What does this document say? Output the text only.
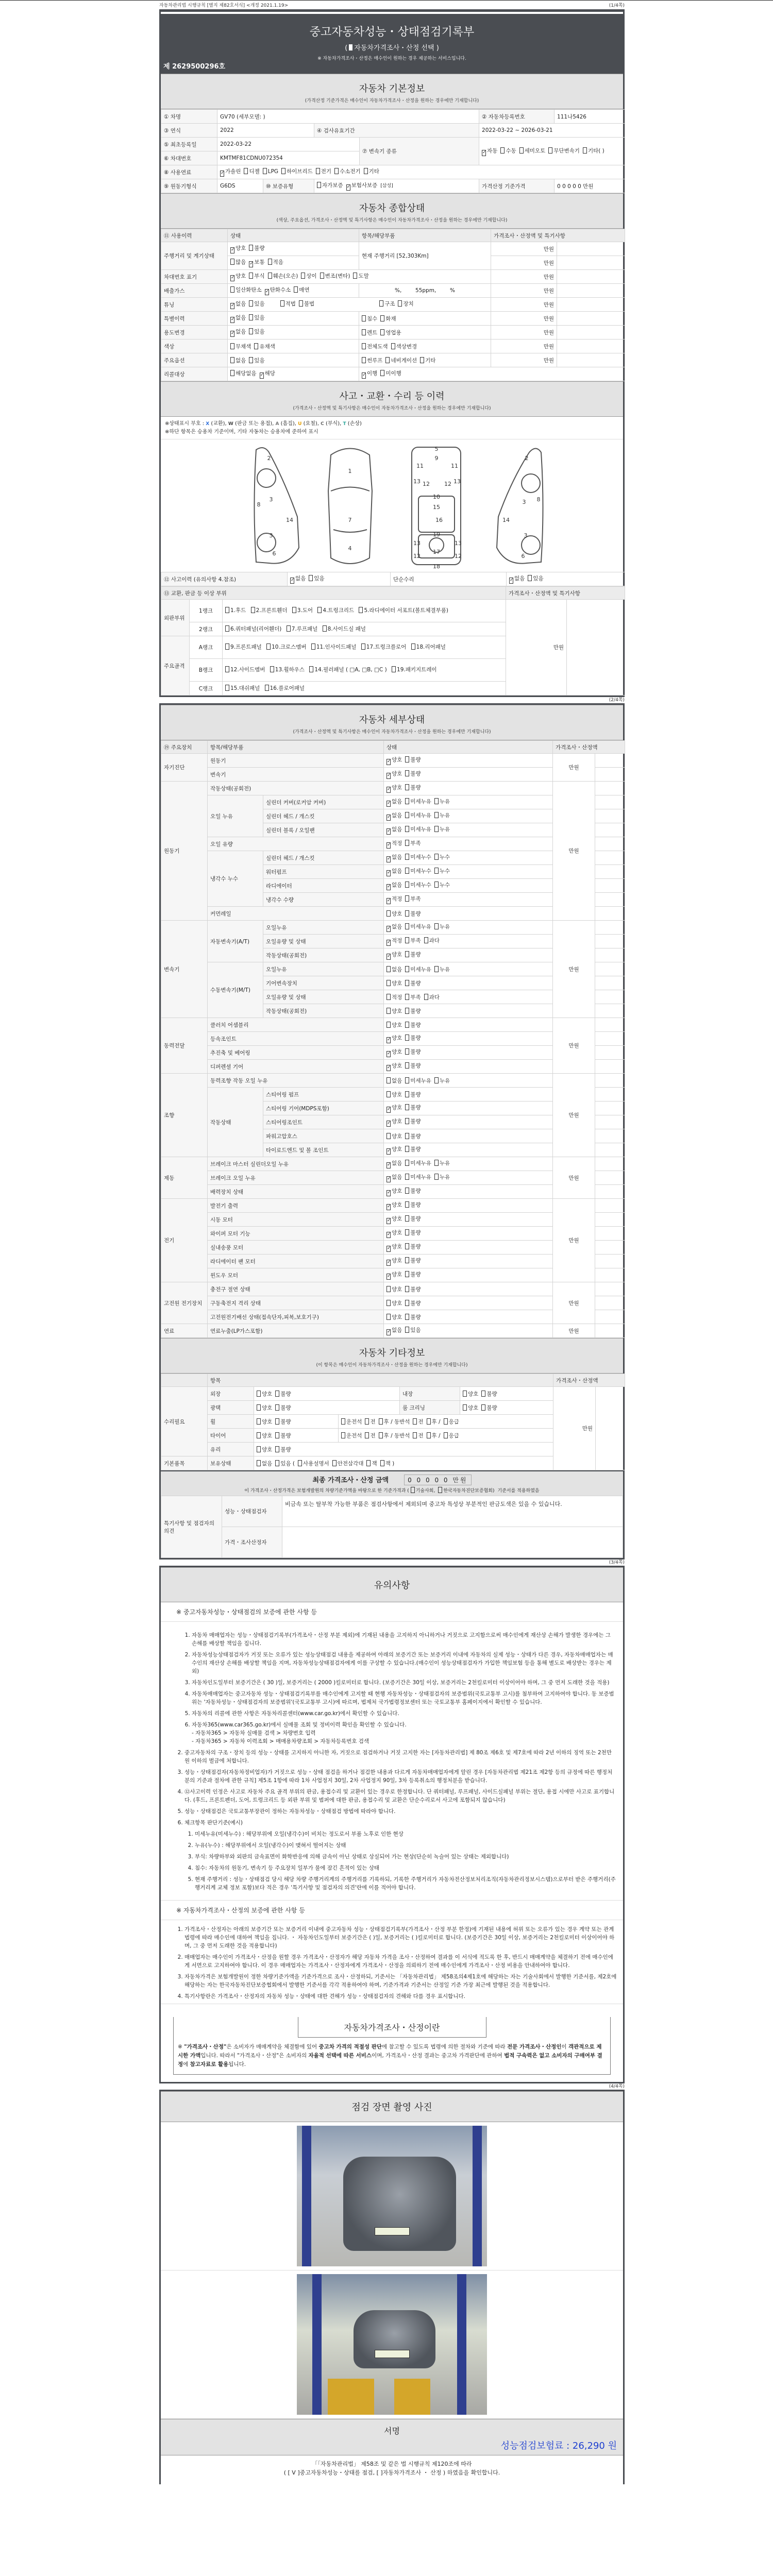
자동차관리법 시행규칙 [별지 제82호서식] <개정 2021.1.19>	(1/4쪽)
중고자동차성능・상태점검기록부
( 자동차가격조사・산정 선택 )
※ 자동차가격조사・산정은 매수인이 원하는 경우 제공하는 서비스입니다.
제 2629500296호
자동차 기본정보
(가격산정 기준가격은 매수인이 자동차가격조사・산정을 원하는 경우에만 기재합니다)
① 차명	GV70 (세부모델: )				② 자동차등록번호	111나5426
③ 연식	2022		④ 검사유효기간		2022-03-22 ~ 2026-03-21	
⑤ 최초등록일	2022-03-22			⑦ 변속기 종류	✓자동 수동 세미오토 무단변속기 기타( )
⑥ 차대번호	KMTMF81CDNU072354					
⑧ 사용연료	✓가솔린 디젤 LPG 하이브리드 전기 수소전기 기타
⑨ 원동기형식	G6DS	⑩ 보증유형	자가보증 ✓ 보험사보증 [삼성]		가격산정 기준가격	0 0 0 0 0 만원
자동차 종합상태
(색상, 주요옵션, 가격조사・산정액 및 특기사항은 매수인이 자동차가격조사・산정을 원하는 경우에만 기재합니다)
⑪ 사용이력	상태	항목/해당부품	가격조사・산정액 및 특기사항	
주행거리 및 계기상태	✓양호 불량	현재 주행거리 [52,303Km]	만원	
	많음 ✓ 보통 적음		만원	
차대번호 표기	✓양호 부식 훼손(오손) 상이 변조(변타) 도말		만원	
배출가스	일산화탄소 ✓ 탄화수소 매연	%,        55ppm,        %	만원	
튜닝	✓없음 있음 적법 불법 구조 장치		만원	
특별이력	✓없음 있음	침수 화재	만원	
용도변경	✓없음 있음	렌트 영업용	만원	
색상	무채색 유채색	전체도색 색상변경	만원	
주요옵션	없음 있음	썬루프 네비게이션 기타	만원	
리콜대상	해당없음 ✓ 해당	✓이행 미이행
사고・교환・수리 등 이력
(가격조사・산정액 및 특기사항은 매수인이 자동차가격조사・산정을 원하는 경우에만 기재합니다)
※상태표시 부호 : X (교환), W (판금 또는 용접), A (흠집), U (요철), C (부식), T (손상)
※하단 항목은 승용차 기준이며, 기타 자동차는 승용차에 준하여 표시
2
8
3
3
6
14
1
7
4
5
9
11	11
13	13
12	12
10
15
16
13	13
19
12	12
17
18
2
3 8
3
6
14
⑫ 사고이력 (유의사항 4.참조)	✓없음 있음	단순수리	✓없음 있음
⑬ 교환, 판금 등 이상 부위			가격조사・산정액 및 특기사항	
외판부위	1랭크	1.후드 2.프론트휀더 3.도어 4.트렁크리드 5.라디에이터 서포트(볼트체결부품)	만원	
	2랭크	6.쿼터패널(리어휀더) 7.루프패널 8.사이드실 패널		
주요골격	A랭크	9.프론트패널 10.크로스멤버 11.인사이드패널 17.트렁크플로어 18.리어패널		
	B랭크	12.사이드멤버 13.휠하우스 14.필러패널 ( □A, □B, □C ) 19.패키지트레이		
	C랭크	15.대쉬패널 16.플로어패널		
(2/4쪽)
자동차 세부상태
(가격조사・산정액 및 특기사항은 매수인이 자동차가격조사・산정을 원하는 경우에만 기재합니다)
⑲ 주요장치	항목/해당부품		상태	가격조사・산정액	
자기진단	원동기	✓양호 불량	만원	
	변속기	✓양호 불량	
원동기	작동상태(공회전)	✓양호 불량	만원	
	오일 누유	실린더 커버(로커암 커버)	✓없음 미세누유 누유	
		실린더 헤드 / 개스킷	✓없음 미세누유 누유	
		실린더 블록 / 오일팬	✓없음 미세누유 누유	
	오일 유량	✓적정 부족	
	냉각수 누수	실린더 헤드 / 개스킷	✓없음 미세누수 누수	
		워터펌프	✓없음 미세누수 누수	
		라디에이터	✓없음 미세누수 누수	
		냉각수 수량	✓적정 부족	
	커먼레일		양호 불량		
변속기	자동변속기(A/T)	오일누유	✓없음 미세누유 누유	만원	
		오일유량 및 상태	✓적정 부족 과다	
		작동상태(공회전)	✓양호 불량	
	수동변속기(M/T)	오일누유	없음 미세누유 누유		
		기어변속장치	양호 불량		
		오일유량 및 상태	적정 부족 과다		
		작동상태(공회전)	양호 불량		
동력전달	클러치 어셈블리		양호 불량	만원	
	등속조인트	✓양호 불량	
	추진축 및 베어링	✓양호 불량	
	디퍼렌셜 기어	✓양호 불량	
조향	동력조향 작동 오일 누유		없음 미세누유 누유	만원	
	작동상태	스티어링 펌프	양호 불량		
		스티어링 기어(MDPS포함)	✓양호 불량	
		스티어링조인트	✓양호 불량	
		파워고압호스	양호 불량		
		타이로드엔드 및 볼 조인트	✓양호 불량	
제동	브레이크 마스터 실린더오일 누유	✓없음 미세누유 누유	만원	
	브레이크 오일 누유	✓없음 미세누유 누유	
	배력장치 상태	✓양호 불량	
전기	발전기 출력	✓양호 불량	만원	
	시동 모터	✓양호 불량	
	와이퍼 모터 기능	✓양호 불량	
	실내송풍 모터	✓양호 불량	
	라디에이터 팬 모터	✓양호 불량	
	윈도우 모터	✓양호 불량	
고전원 전기장치	충전구 절연 상태		양호 불량	만원	
	구동축전지 격리 상태		양호 불량		
	고전원전기배선 상태(접속단자,피복,보호기구)		양호 불량		
연료	연료누출(LP가스포함)	✓없음 있음	만원	
자동차 기타정보
(이 항목은 매수인이 자동차가격조사・산정을 원하는 경우에만 기재합니다)
	항목					가격조사・산정액	
수리필요	외장	양호 불량		내장	양호 불량	만원	
	광택	양호 불량		룸 크리닝	양호 불량		
	휠	양호 불량	운전석 전 후 / 동반석 전 후 / 응급				
	타이어	양호 불량	운전석 전 후 / 동반석 전 후 / 응급				
	유리	양호 불량					
기본품목	보유상태	없음 있음 ( 사용설명서 안전삼각대 잭 잭 )					
최종 가격조사・산정 금액	0 0 0 0 0 만원
이 가격조사・산정가격은 보험개발원의 차량기준가액을 바탕으로 한 기준가격과 ( 기술사회, 한국자동차진단보증협회) 기준서를 적용하였음
특기사항 및 점검자의 의견	성능・상태점검자	비금속 또는 탈부착 가능한 부품은 점검사항에서 제외되며 중고차 특성상 부분적인 판금도색은 있을 수 있습니다.
	가격・조사산정자	
(3/4쪽)
유의사항
※ 중고자동차성능・상태점검의 보증에 관한 사항 등
1. 자동차 매매업자는 성능・상태점검기록부(가격조사・산정 부분 제외)에 기재된 내용을 고지하지 아니하거나 거짓으로 고지함으로써 매수인에게 재산상 손해가 발생한 경우에는 그 손해를 배상할 책임을 집니다.
2. 자동차성능상태점검자가 거짓 또는 오류가 있는 성능상태점검 내용을 제공하여 아래의 보증기간 또는 보증거리 이내에 자동차의 실제 성능・상태가 다른 경우, 자동차매매업자는 매수인의 재산상 손해를 배상할 책임을 지며, 자동차성능상태점검자에게 이를 구상할 수 있습니다.(매수인이 성능상태점검자가 가입한 책임보험 등을 통해 별도로 배상받는 경우는 제외)
3. 자동차인도일부터 보증기간은 ( 30 )일, 보증거리는 ( 2000 )킬로미터로 합니다. (보증기간은 30일 이상, 보증거리는 2천킬로미터 이상이어야 하며, 그 중 먼저 도래한 것을 적용)
4. 자동차매매업자는 중고자동차 성능・상태점검기록부를 매수인에게 고지할 때 현행 자동차성능・상태점검자의 보증범위(국토교통부 고시)를 첨부하여 고지하여야 합니다. 동 보증범위는 '자동차성능・상태점검자의 보증범위'(국토교통부 고시)에 따르며, 법제처 국가법령정보센터 또는 국토교통부 홈페이지에서 확인할 수 있습니다.
5. 자동차의 리콜에 관한 사항은 자동차리콜센터(www.car.go.kr)에서 확인할 수 있습니다.
6. 자동차365(www.car365.go.kr)에서 실매물 조회 및 정비이력 확인을 확인할 수 있습니다.
- 자동차365 > 자동차 실매물 검색 > 차량번호 입력
- 자동차365 > 자동차 이력조회 > 매매용차량조회 > 자동차등록번호 검색
2. 중고자동차의 구조・장치 등의 성능・상태를 고지하지 아니한 자, 거짓으로 점검하거나 거짓 고지한 자는 [자동차관리법] 제 80조 제6호 및 제7호에 따라 2년 이하의 징역 또는 2천만원 이하의 벌금에 처합니다.
3. 성능・상태점검자(자동차정비업자)가 거짓으로 성능・상태 점검을 하거나 점검한 내용과 다르게 자동차매매업자에게 알린 경우 [자동차관리법 제21조 제2항 등의 규정에 따른 행정처분의 기준과 절차에 관한 규칙] 제5조 1항에 따라 1차 사업정지 30일, 2차 사업정지 90일, 3차 등록취소의 행정처분을 받습니다.
4. ⑫사고이력 인정은 사고로 자동차 주요 골격 부위의 판금, 용접수리 및 교환이 있는 경우로 한정합니다. 단 쿼터패널, 루프패널, 사이드실패널 부위는 절단, 용접 시에만 사고로 표기합니다. (후드, 프론트펜더, 도어, 트렁크리드 등 외판 부위 및 범퍼에 대한 판금, 용접수리 및 교환은 단순수리로서 사고에 포함되지 않습니다)
5. 성능・상태점검은 국토교통부장관이 정하는 자동차성능・상태점검 방법에 따라야 합니다.
6. 체크항목 판단기준(예시)
1. 미세누유(미세누수) : 해당부위에 오일(냉각수)이 비치는 정도로서 부품 노후로 인한 현상
2. 누유(누수) : 해당부위에서 오일(냉각수)이 맺혀서 떨어지는 상태
3. 부식: 차량하부와 외판의 금속표면이 화학반응에 의해 금속이 아닌 상태로 상실되어 가는 현상(단순히 녹슬어 있는 상태는 제외합니다)
4. 침수: 자동차의 원동기, 변속기 등 주요장치 일부가 물에 잠긴 흔적이 있는 상태
5. 현재 주행거리 : 성능・상태점검 당시 해당 차량 주행거리계의 주행거리를 기록하되, 기록한 주행거리가 자동차전산정보처리조직(자동차관리정보시스템)으로부터 받은 주행거리(주행거리계 교체 정보 포함)보다 적은 경우 '특기사항 및 점검자의 의견'란에 이를 적어야 합니다.
※ 자동차가격조사・산정의 보증에 관한 사항 등
1. 가격조사・산정자는 아래의 보증기간 또는 보증거리 이내에 중고자동차 성능・상태점검기록부(가격조사・산정 부분 한정)에 기재된 내용에 허위 또는 오류가 있는 경우 계약 또는 관계법령에 따라 매수인에 대하여 책임을 집니다. ・ 자동차인도일부터 보증기간은 ( )일, 보증거리는 ( )킬로미터로 합니다. (보증기간은 30일 이상, 보증거리는 2천킬로미터 이상이어야 하며, 그 중 먼저 도래한 것을 적용합니다)
2. 매매업자는 매수인이 가격조사・산정을 원할 경우 가격조사・산정자가 해당 자동차 가격을 조사・산정하여 결과를 이 서식에 적도록 한 후, 반드시 매매계약을 체결하기 전에 매수인에게 서면으로 고지하여야 합니다. 이 경우 매매업자는 가격조사・산정자에게 가격조사・산정을 의뢰하기 전에 매수인에게 가격조사・산정 비용을 안내하여야 합니다.
3. 자동차가격은 보험개발원이 정한 차량기준가액을 기준가격으로 조사・산정하되, 기준서는 「자동차관리법」 제58조의4제1호에 해당하는 자는 기술사회에서 발행한 기준서를, 제2호에 해당하는 자는 한국자동차진단보증협회에서 발행한 기준서를 각각 적용하여야 하며, 기준가격과 기준서는 산정일 기준 가장 최근에 발행된 것을 적용합니다.
4. 특기사항란은 가격조사・산정자의 자동차 성능・상태에 대한 견해가 성능・상태점검자의 견해와 다를 경우 표시합니다.
자동차가격조사・산정이란

※ "가격조사・산정"은 소비자가 매매계약을 체결함에 있어 중고차 가격의 적절성 판단에 참고할 수 있도록 법령에 의한 절차와 기준에 따라 전문 가격조사・산정인이 객관적으로 제시한 가액입니다. 따라서 "가격조사・산정"은 소비자의 자율적 선택에 따른 서비스이며, 가격조사・산정 결과는 중고차 가격판단에 관하여 법적 구속력은 없고 소비자의 구매여부 결정에 참고자료로 활용됩니다.

(4/4쪽)
점검 장면 촬영 사진
서명
성능점검보험료 : 26,290 원
「「자동차관리법」 제58조 및 같은 법 시행규칙 제120조에 따라
( [ V ]중고자동차성능・상태를 점검, [ ]자동차가격조사 ・ 산정 ) 하였음을 확인합니다.
